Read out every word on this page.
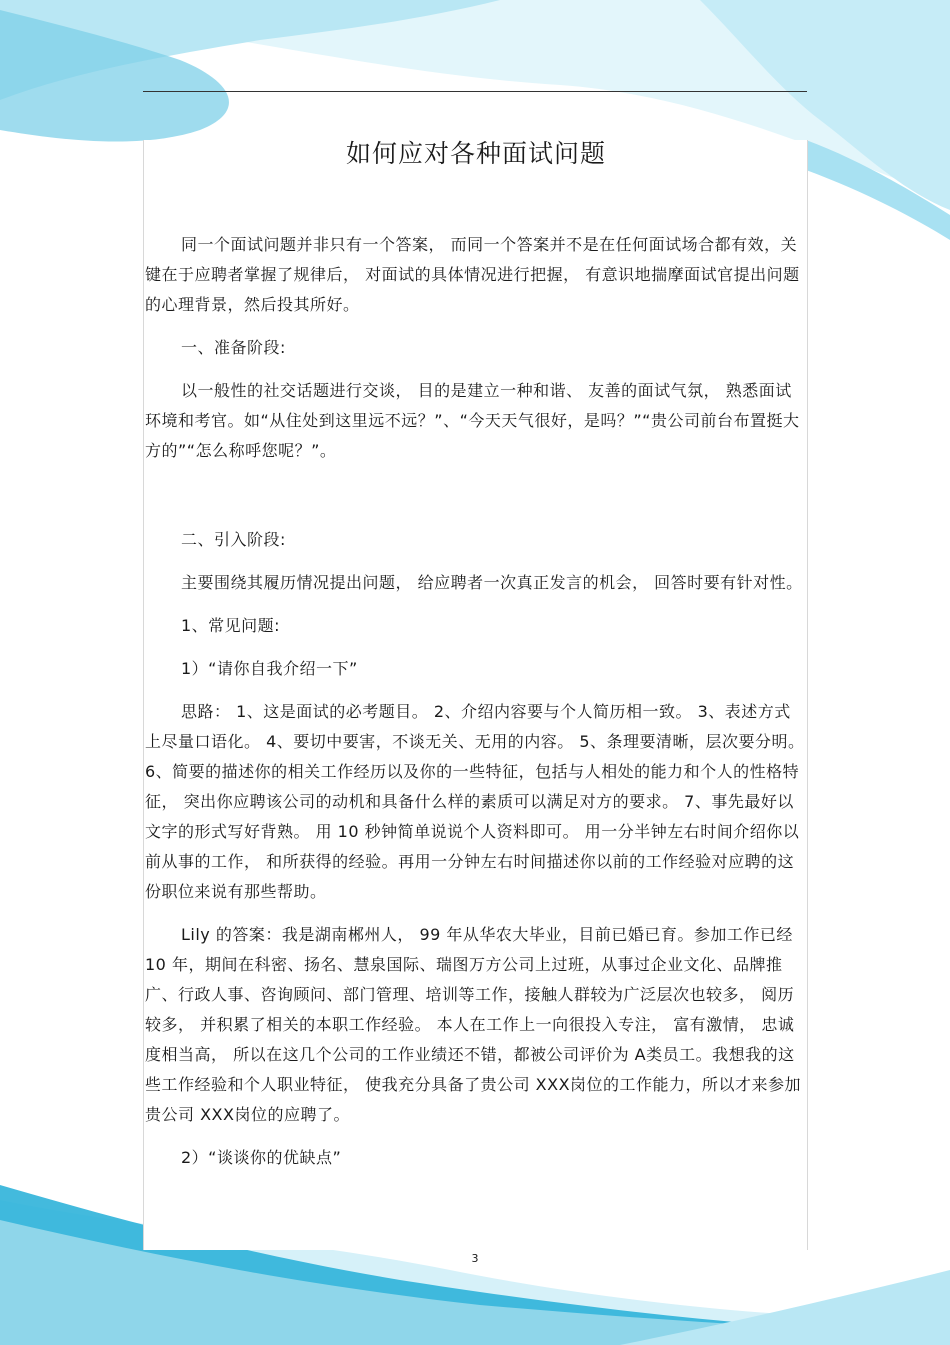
如何应对各种面试问题

同一个面试问题并非只有一个答案， 而同一个答案并不是在任何面试场合都有效，关键在于应聘者掌握了规律后， 对面试的具体情况进行把握， 有意识地揣摩面试官提出问题的心理背景，然后投其所好。

一、准备阶段:

以一般性的社交话题进行交谈， 目的是建立一种和谐、 友善的面试气氛， 熟悉面试环境和考官。如“从住处到这里远不远？”、“今天天气很好，是吗？”“贵公司前台布置挺大方的”“怎么称呼您呢？”。

二、引入阶段:

主要围绕其履历情况提出问题， 给应聘者一次真正发言的机会， 回答时要有针对性。

1、常见问题:

1）“请你自我介绍一下”

思路： 1、这是面试的必考题目。 2、介绍内容要与个人简历相一致。 3、表述方式上尽量口语化。 4、要切中要害，不谈无关、无用的内容。 5、条理要清晰，层次要分明。 6、简要的描述你的相关工作经历以及你的一些特征，包括与人相处的能力和个人的性格特征， 突出你应聘该公司的动机和具备什么样的素质可以满足对方的要求。 7、事先最好以文字的形式写好背熟。 用 10 秒钟简单说说个人资料即可。 用一分半钟左右时间介绍你以前从事的工作， 和所获得的经验。再用一分钟左右时间描述你以前的工作经验对应聘的这份职位来说有那些帮助。

Lily 的答案：我是湖南郴州人， 99 年从华农大毕业，目前已婚已育。参加工作已经 10 年，期间在科密、扬名、慧泉国际、瑞图万方公司上过班，从事过企业文化、品牌推广、行政人事、咨询顾问、部门管理、培训等工作，接触人群较为广泛层次也较多， 阅历较多， 并积累了相关的本职工作经验。 本人在工作上一向很投入专注， 富有激情， 忠诚度相当高， 所以在这几个公司的工作业绩还不错，都被公司评价为 A类员工。我想我的这些工作经验和个人职业特征， 使我充分具备了贵公司 XXX岗位的工作能力，所以才来参加贵公司 XXX岗位的应聘了。

2）“谈谈你的优缺点”

3
